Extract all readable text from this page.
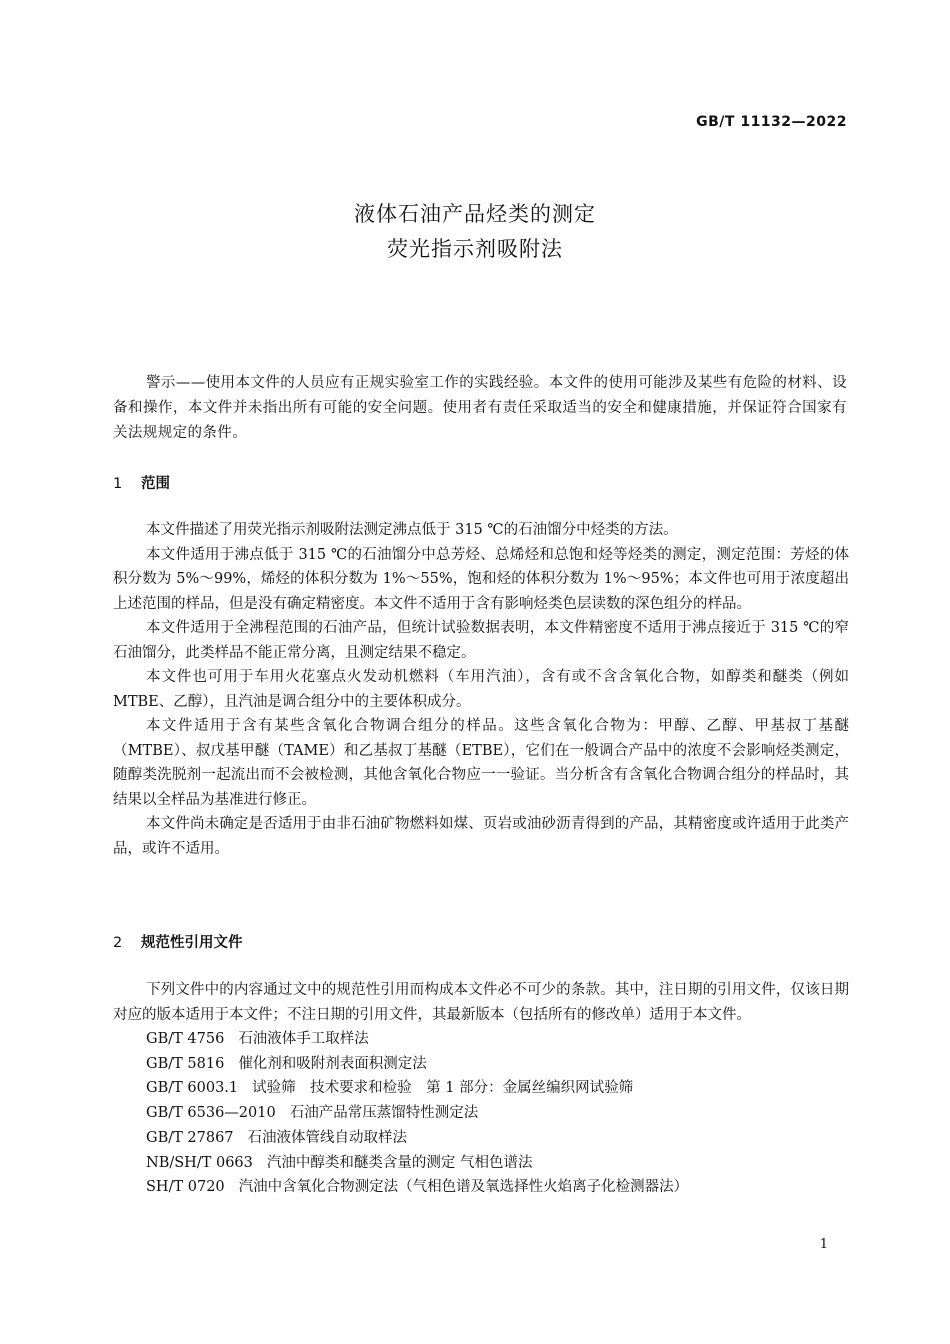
GB/T 11132—2022
液体石油产品烃类的测定
荧光指示剂吸附法
警示——使用本文件的人员应有正规实验室工作的实践经验。本文件的使用可能涉及某些有危险的材料、设备和操作，本文件并未指出所有可能的安全问题。使用者有责任采取适当的安全和健康措施，并保证符合国家有关法规规定的条件。
1 范围

本文件描述了用荧光指示剂吸附法测定沸点低于 315 ℃的石油馏分中烃类的方法。

本文件适用于沸点低于 315 ℃的石油馏分中总芳烃、总烯烃和总饱和烃等烃类的测定，测定范围：芳烃的体积分数为 5%～99%，烯烃的体积分数为 1%～55%，饱和烃的体积分数为 1%～95%；本文件也可用于浓度超出上述范围的样品，但是没有确定精密度。本文件不适用于含有影响烃类色层读数的深色组分的样品。

本文件适用于全沸程范围的石油产品，但统计试验数据表明，本文件精密度不适用于沸点接近于 315 ℃的窄石油馏分，此类样品不能正常分离，且测定结果不稳定。

本文件也可用于车用火花塞点火发动机燃料（车用汽油），含有或不含含氧化合物，如醇类和醚类（例如 MTBE、乙醇），且汽油是调合组分中的主要体积成分。

本文件适用于含有某些含氧化合物调合组分的样品。这些含氧化合物为：甲醇、乙醇、甲基叔丁基醚（MTBE）、叔戊基甲醚（TAME）和乙基叔丁基醚（ETBE），它们在一般调合产品中的浓度不会影响烃类测定，随醇类洗脱剂一起流出而不会被检测，其他含氧化合物应一一验证。当分析含有含氧化合物调合组分的样品时，其结果以全样品为基准进行修正。

本文件尚未确定是否适用于由非石油矿物燃料如煤、页岩或油砂沥青得到的产品，其精密度或许适用于此类产品，或许不适用。

2 规范性引用文件

下列文件中的内容通过文中的规范性引用而构成本文件必不可少的条款。其中，注日期的引用文件，仅该日期对应的版本适用于本文件；不注日期的引用文件，其最新版本（包括所有的修改单）适用于本文件。

GB/T 4756 石油液体手工取样法
GB/T 5816 催化剂和吸附剂表面积测定法
GB/T 6003.1 试验筛　技术要求和检验　第 1 部分：金属丝编织网试验筛
GB/T 6536—2010 石油产品常压蒸馏特性测定法
GB/T 27867 石油液体管线自动取样法
NB/SH/T 0663 汽油中醇类和醚类含量的测定 气相色谱法
SH/T 0720 汽油中含氧化合物测定法（气相色谱及氧选择性火焰离子化检测器法）
1
